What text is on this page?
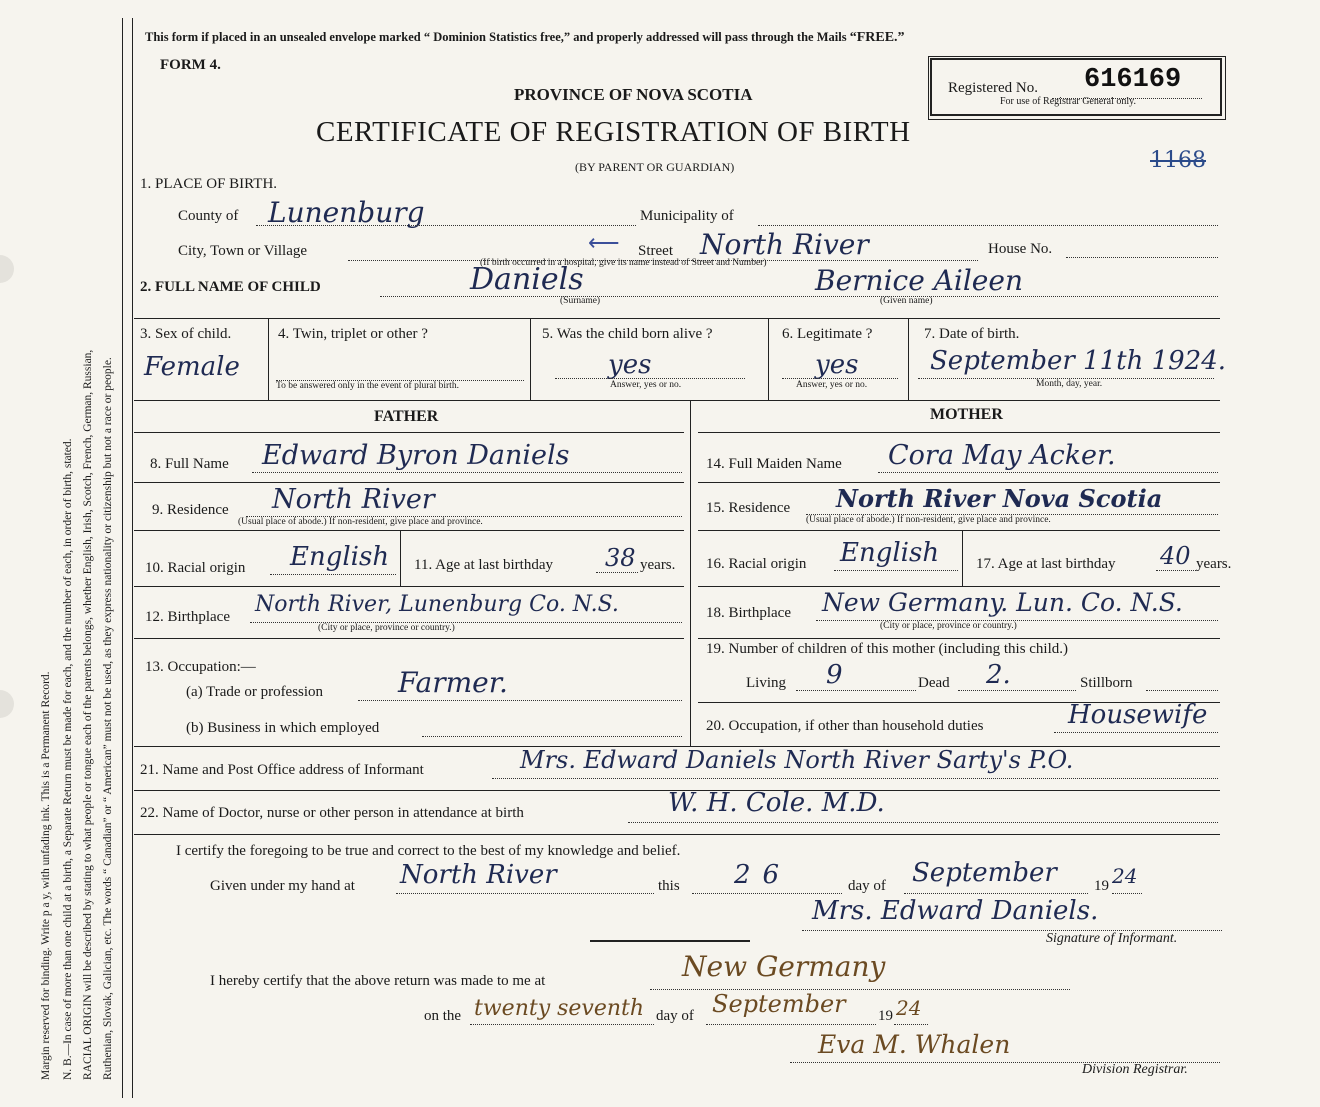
Margin reserved for binding. Write p a y, with unfading ink. This is a Permanent Record. N. B.—In case of more than one child at a birth, a Separate Return must be made for each, and the number of each, in order of birth, stated. RACIAL ORIGIN will be described by stating to what people or tongue each of the parents belongs, whether English, Irish, Scotch, French, German, Russian, Ruthenian, Slovak, Galician, etc. The words “ Canadian” or “ American” must not be used, as they express nationality or citizenship but not a race or people.
This form if placed in an unsealed envelope marked “ Dominion Statistics free,” and properly addressed will pass through the Mails “FREE.”
FORM 4.
PROVINCE OF NOVA SCOTIA
CERTIFICATE OF REGISTRATION OF BIRTH
(BY PARENT OR GUARDIAN)
Registered No. 616169
For use of Registrar General only.
1168
1. PLACE OF BIRTH.
County of Lunenburg	Municipality of
City, Town or Village	⟵ Street North River	House No.
(If birth occurred in a hospital, give its name instead of Street and Number)
2. FULL NAME OF CHILD	Daniels	Bernice Aileen
(Surname)	(Given name)
3. Sex of child.
Female
4. Twin, triplet or other ?
To be answered only in the event of plural birth.
5. Was the child born alive ?
yes
Answer, yes or no.
6. Legitimate ?
yes
Answer, yes or no.
7. Date of birth.
September 11th 1924.
Month, day, year.
FATHER	MOTHER
8. Full Name Edward Byron Daniels
9. Residence North River
(Usual place of abode.) If non-resident, give place and province.
10. Racial origin English 11. Age at last birthday 38 years.
12. Birthplace North River, Lunenburg Co. N.S.
(City or place, province or country.)
13. Occupation:—
(a) Trade or profession	Farmer.
(b) Business in which employed
14. Full Maiden Name Cora May Acker.
15. Residence North River Nova Scotia
(Usual place of abode.) If non-resident, give place and province.
16. Racial origin English 17. Age at last birthday 40 years.
18. Birthplace New Germany. Lun. Co. N.S.
(City or place, province or country.)
19. Number of children of this mother (including this child.)
Living 9	Dead 2.	Stillborn
20. Occupation, if other than household duties	Housewife
21. Name and Post Office address of Informant	Mrs. Edward Daniels North River Sarty's P.O.
22. Name of Doctor, nurse or other person in attendance at birth	W. H. Cole. M.D.
I certify the foregoing to be true and correct to the best of my knowledge and belief.
Given under my hand at North River	this 26	day of September 19 24
Mrs. Edward Daniels.
Signature of Informant.
I hereby certify that the above return was made to me at	New Germany
on the twenty seventh day of September 19 24
Eva M. Whalen
Division Registrar.
